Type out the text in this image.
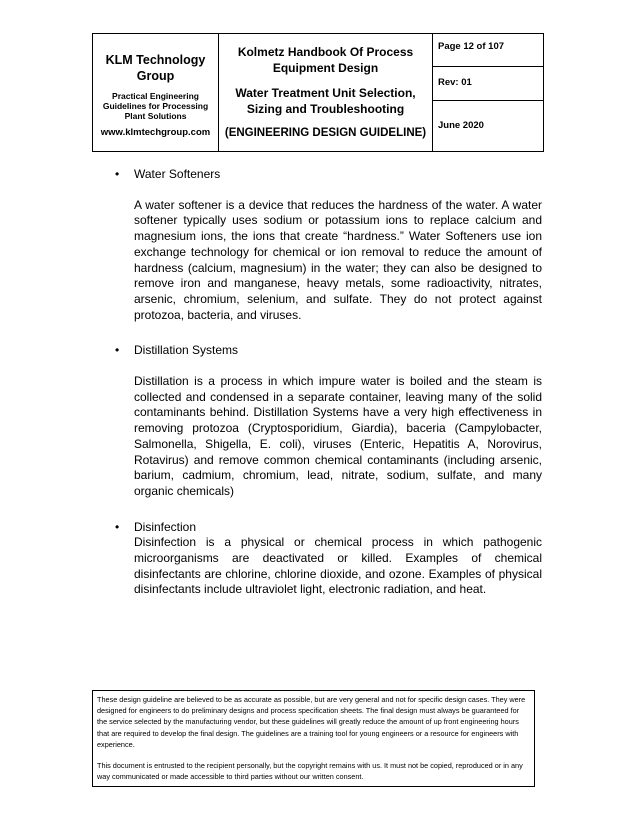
KLM Technology Group
Practical Engineering Guidelines for Processing Plant Solutions
www.klmtechgroup.com
Kolmetz Handbook Of Process Equipment Design
Water Treatment Unit Selection, Sizing and Troubleshooting
(ENGINEERING DESIGN GUIDELINE)
Page 12 of 107
Rev: 01
June 2020
• Water Softeners

A water softener is a device that reduces the hardness of the water. A water softener typically uses sodium or potassium ions to replace calcium and magnesium ions, the ions that create “hardness.” Water Softeners use ion exchange technology for chemical or ion removal to reduce the amount of hardness (calcium, magnesium) in the water; they can also be designed to remove iron and manganese, heavy metals, some radioactivity, nitrates, arsenic, chromium, selenium, and sulfate. They do not protect against protozoa, bacteria, and viruses.

• Distillation Systems

Distillation is a process in which impure water is boiled and the steam is collected and condensed in a separate container, leaving many of the solid contaminants behind. Distillation Systems have a very high effectiveness in removing protozoa (Cryptosporidium, Giardia), baceria (Campylobacter, Salmonella, Shigella, E. coli), viruses (Enteric, Hepatitis A, Norovirus, Rotavirus) and remove common chemical contaminants (including arsenic, barium, cadmium, chromium, lead, nitrate, sodium, sulfate, and many organic chemicals)

• Disinfection

Disinfection is a physical or chemical process in which pathogenic microorganisms are deactivated or killed. Examples of chemical disinfectants are chlorine, chlorine dioxide, and ozone. Examples of physical disinfectants include ultraviolet light, electronic radiation, and heat.

These design guideline are believed to be as accurate as possible, but are very general and not for specific design cases. They were designed for engineers to do preliminary designs and process specification sheets. The final design must always be guaranteed for the service selected by the manufacturing vendor, but these guidelines will greatly reduce the amount of up front engineering hours that are required to develop the final design. The guidelines are a training tool for young engineers or a resource for engineers with experience.

This document is entrusted to the recipient personally, but the copyright remains with us. It must not be copied, reproduced or in any way communicated or made accessible to third parties without our written consent.
